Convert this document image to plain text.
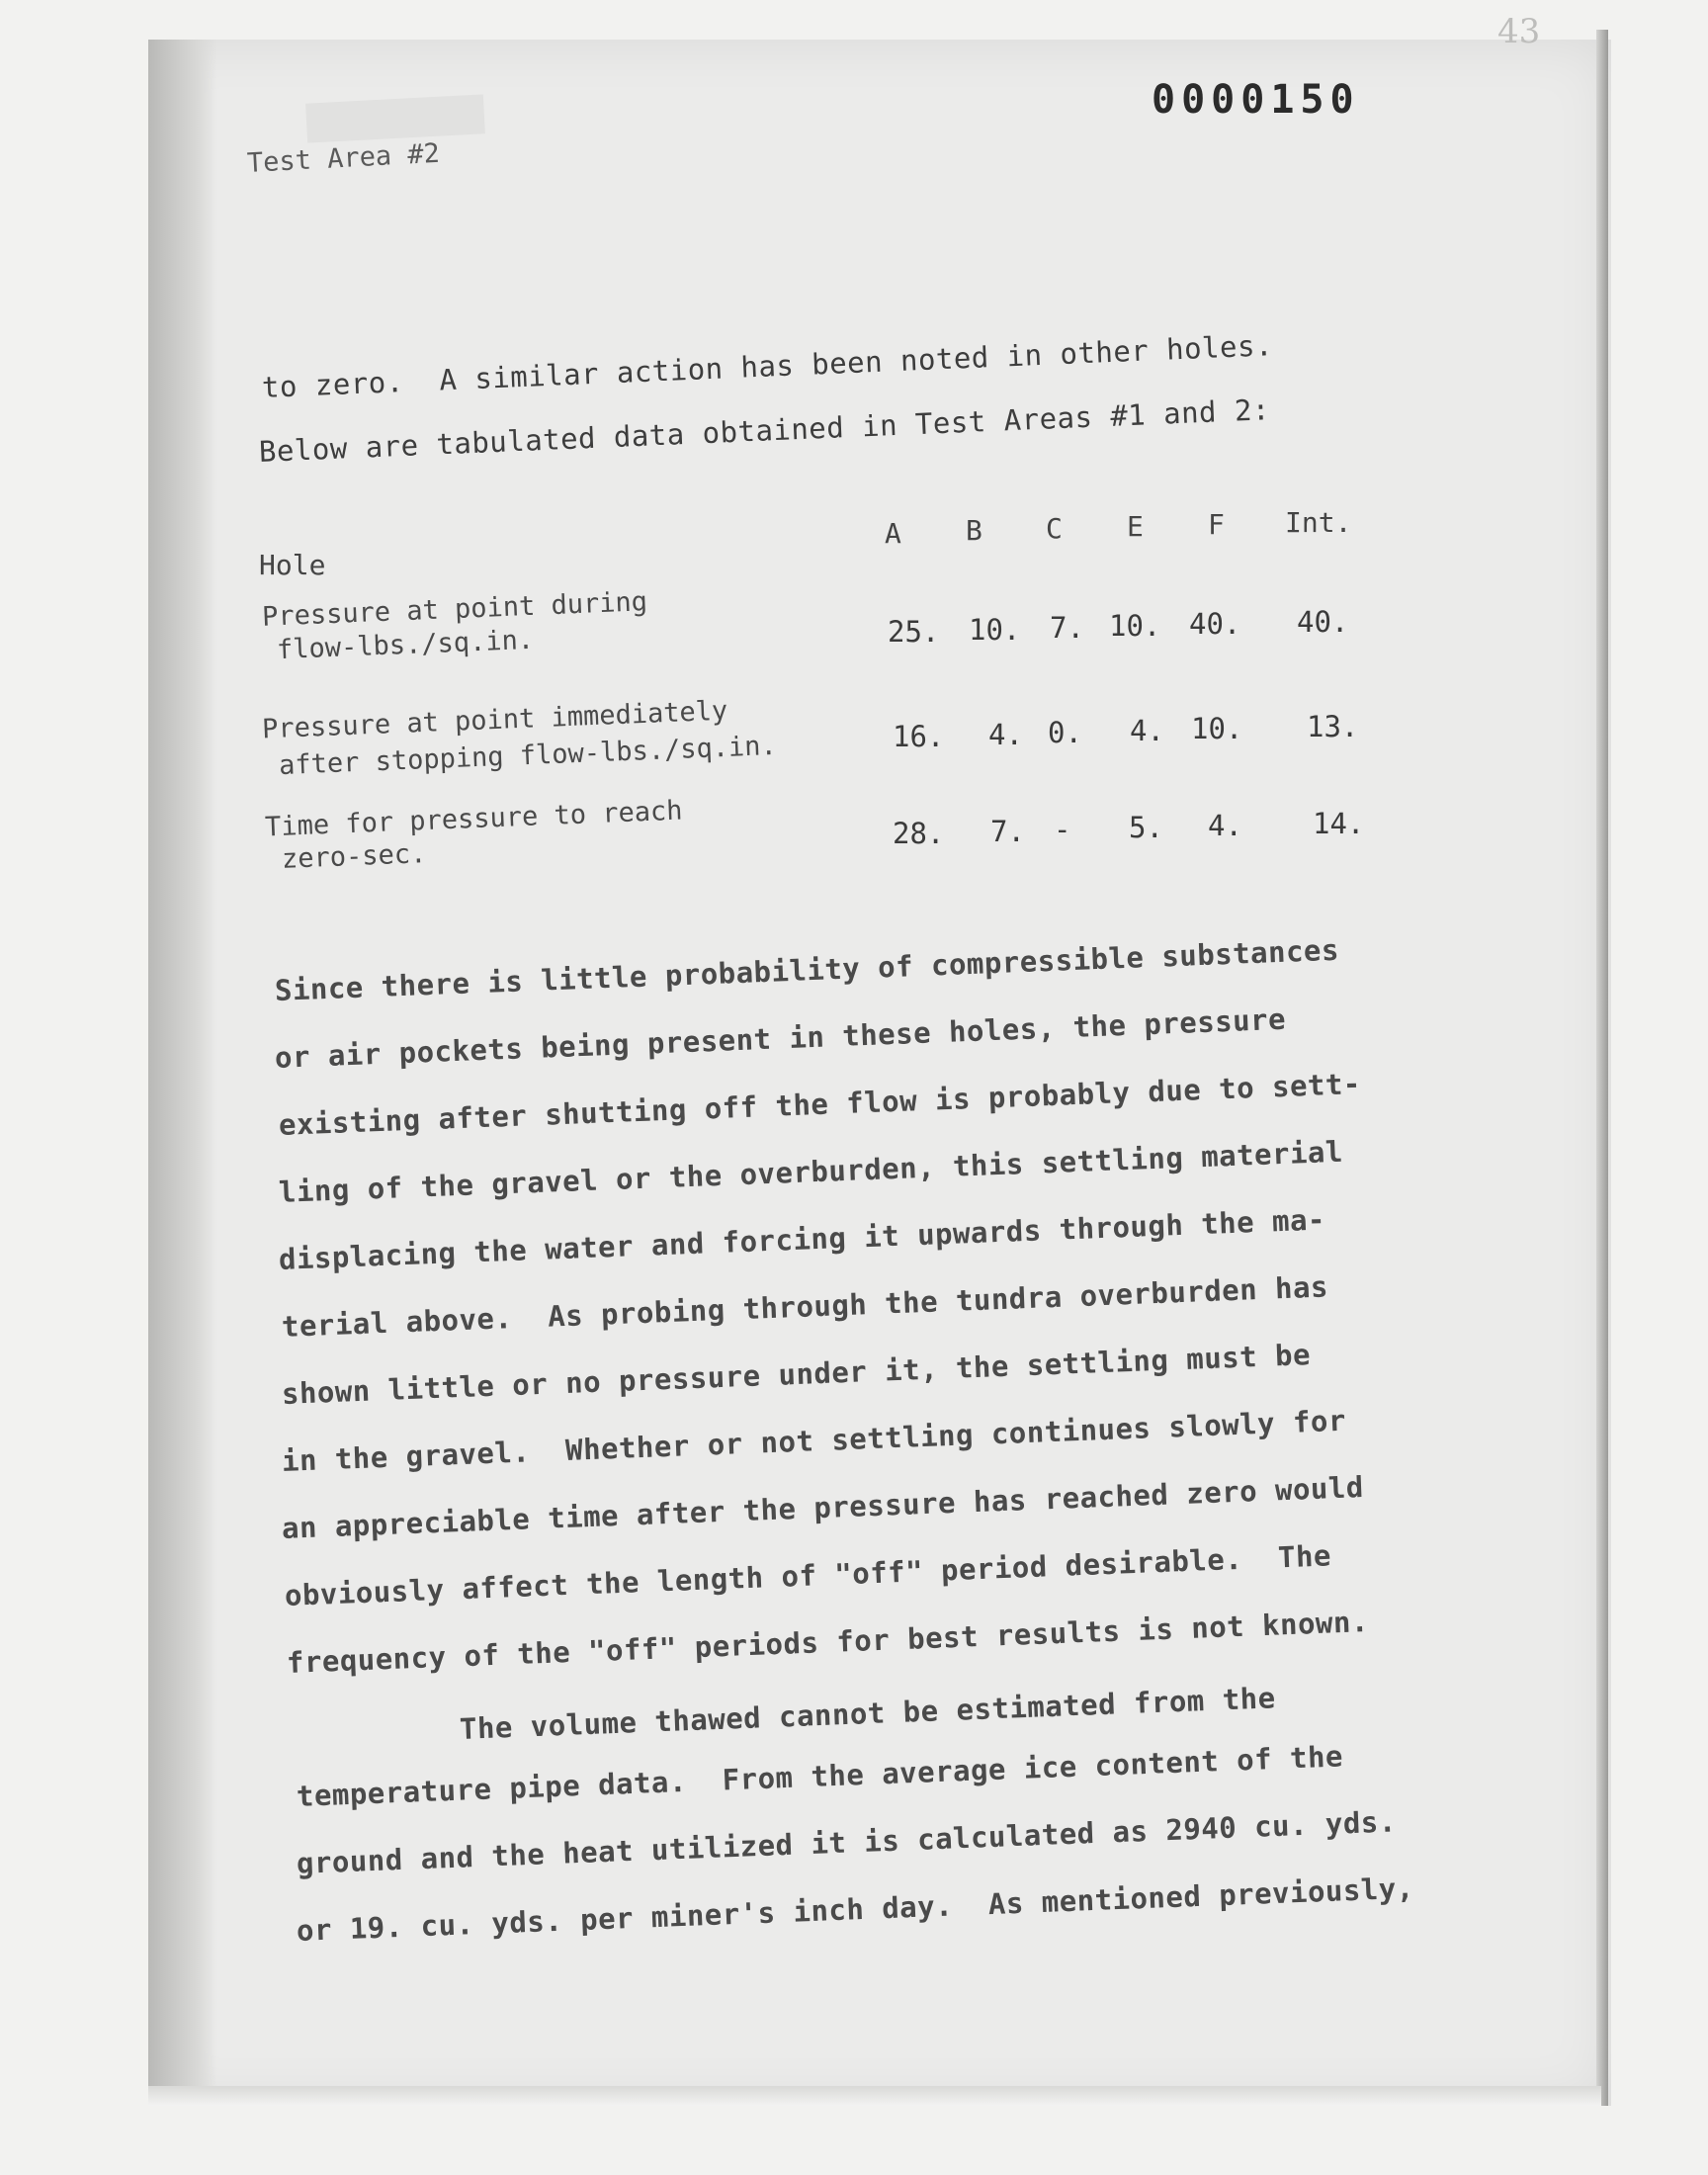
43
0000150
Test Area #2
to zero.  A similar action has been noted in other holes.
Below are tabulated data obtained in Test Areas #1 and 2:
A B C E F Int.
Hole
Pressure at point during
flow-lbs./sq.in.	25. 10. 7. 10. 40. 40.
Pressure at point immediately
after stopping flow-lbs./sq.in.	16. 4. 0. 4. 10. 13.
Time for pressure to reach
zero-sec.
28. 7. - 5. 4. 14.
Since there is little probability of compressible substances
or air pockets being present in these holes, the pressure
existing after shutting off the flow is probably due to sett-
ling of the gravel or the overburden, this settling material
displacing the water and forcing it upwards through the ma-
terial above.  As probing through the tundra overburden has
shown little or no pressure under it, the settling must be
in the gravel.  Whether or not settling continues slowly for
an appreciable time after the pressure has reached zero would
obviously affect the length of "off" period desirable.  The
frequency of the "off" periods for best results is not known.
The volume thawed cannot be estimated from the
temperature pipe data.  From the average ice content of the
ground and the heat utilized it is calculated as 2940 cu. yds.
or 19. cu. yds. per miner's inch day.  As mentioned previously,
